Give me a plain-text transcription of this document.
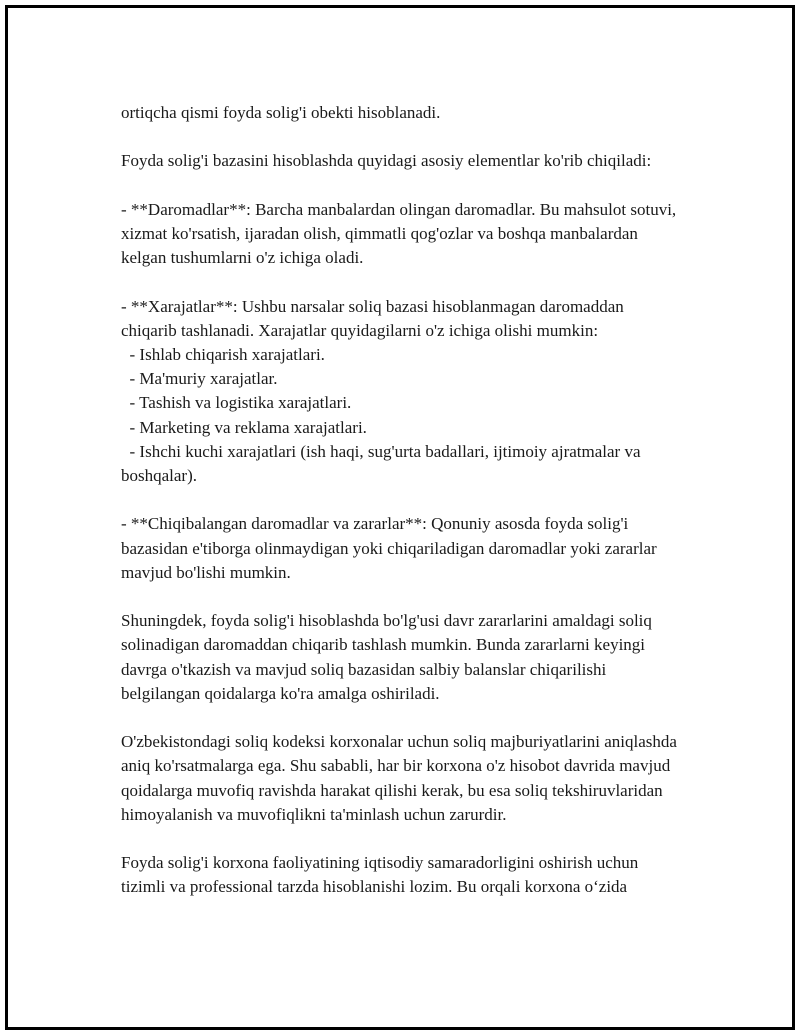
ortiqcha qismi foyda solig'i obekti hisoblanadi.

Foyda solig'i bazasini hisoblashda quyidagi asosiy elementlar ko'rib chiqiladi:

- **Daromadlar**: Barcha manbalardan olingan daromadlar. Bu mahsulot sotuvi, xizmat ko'rsatish, ijaradan olish, qimmatli qog'ozlar va boshqa manbalardan kelgan tushumlarni o'z ichiga oladi.

- **Xarajatlar**: Ushbu narsalar soliq bazasi hisoblanmagan daromaddan chiqarib tashlanadi. Xarajatlar quyidagilarni o'z ichiga olishi mumkin:

- Ishlab chiqarish xarajatlari.

- Ma'muriy xarajatlar.

- Tashish va logistika xarajatlari.

- Marketing va reklama xarajatlari.

- Ishchi kuchi xarajatlari (ish haqi, sug'urta badallari, ijtimoiy ajratmalar va boshqalar).

- **Chiqibalangan daromadlar va zararlar**: Qonuniy asosda foyda solig'i bazasidan e'tiborga olinmaydigan yoki chiqariladigan daromadlar yoki zararlar mavjud bo'lishi mumkin.

Shuningdek, foyda solig'i hisoblashda bo'lg'usi davr zararlarini amaldagi soliq solinadigan daromaddan chiqarib tashlash mumkin. Bunda zararlarni keyingi davrga o'tkazish va mavjud soliq bazasidan salbiy balanslar chiqarilishi belgilangan qoidalarga ko'ra amalga oshiriladi.

O'zbekistondagi soliq kodeksi korxonalar uchun soliq majburiyatlarini aniqlashda aniq ko'rsatmalarga ega. Shu sababli, har bir korxona o'z hisobot davrida mavjud qoidalarga muvofiq ravishda harakat qilishi kerak, bu esa soliq tekshiruvlaridan himoyalanish va muvofiqlikni ta'minlash uchun zarurdir.

Foyda solig'i korxona faoliyatining iqtisodiy samaradorligini oshirish uchun tizimli va professional tarzda hisoblanishi lozim. Bu orqali korxona o‘zida
